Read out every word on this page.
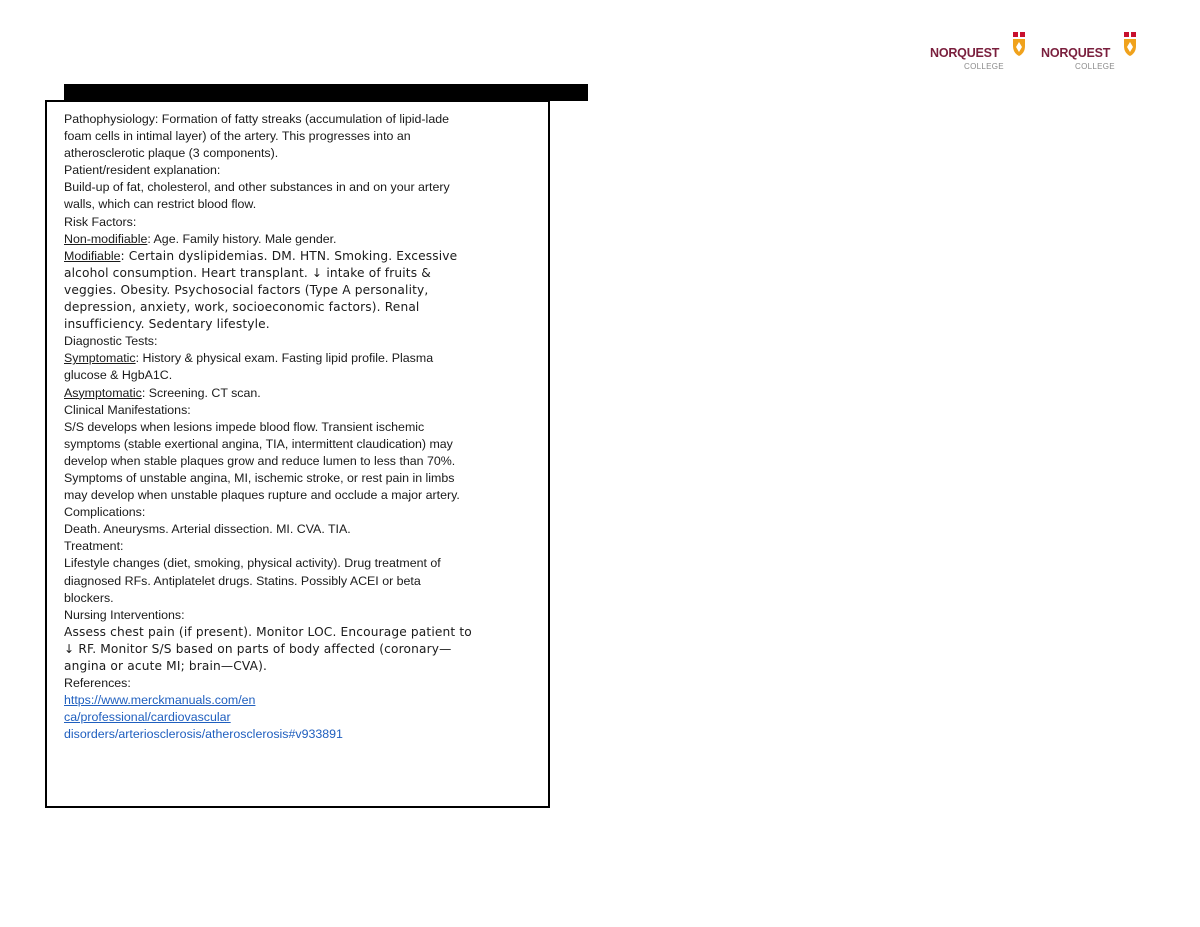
NORQUEST
COLLEGE
NORQUEST
COLLEGE
Pathophysiology: Formation of fatty streaks (accumulation of lipid-lade
foam cells in intimal layer) of the artery. This progresses into an
atherosclerotic plaque (3 components).
Patient/resident explanation:
Build-up of fat, cholesterol, and other substances in and on your artery
walls, which can restrict blood flow.
Risk Factors:
Non-modifiable: Age. Family history. Male gender.
Modifiable: Certain dyslipidemias. DM. HTN. Smoking. Excessive
alcohol consumption. Heart transplant. ↓ intake of fruits &
veggies. Obesity. Psychosocial factors (Type A personality,
depression, anxiety, work, socioeconomic factors). Renal
insufficiency. Sedentary lifestyle.
Diagnostic Tests:
Symptomatic: History & physical exam. Fasting lipid profile. Plasma
glucose & HgbA1C.
Asymptomatic: Screening. CT scan.
Clinical Manifestations:
S/S develops when lesions impede blood flow. Transient ischemic
symptoms (stable exertional angina, TIA, intermittent claudication) may
develop when stable plaques grow and reduce lumen to less than 70%.
Symptoms of unstable angina, MI, ischemic stroke, or rest pain in limbs
may develop when unstable plaques rupture and occlude a major artery.
Complications:
Death. Aneurysms. Arterial dissection. MI. CVA. TIA.
Treatment:
Lifestyle changes (diet, smoking, physical activity). Drug treatment of
diagnosed RFs. Antiplatelet drugs. Statins. Possibly ACEI or beta
blockers.
Nursing Interventions:
Assess chest pain (if present). Monitor LOC. Encourage patient to
↓ RF. Monitor S/S based on parts of body affected (coronary—
angina or acute MI; brain—CVA).
References:
https://www.merckmanuals.com/en
ca/professional/cardiovascular
disorders/arteriosclerosis/atherosclerosis#v933891
